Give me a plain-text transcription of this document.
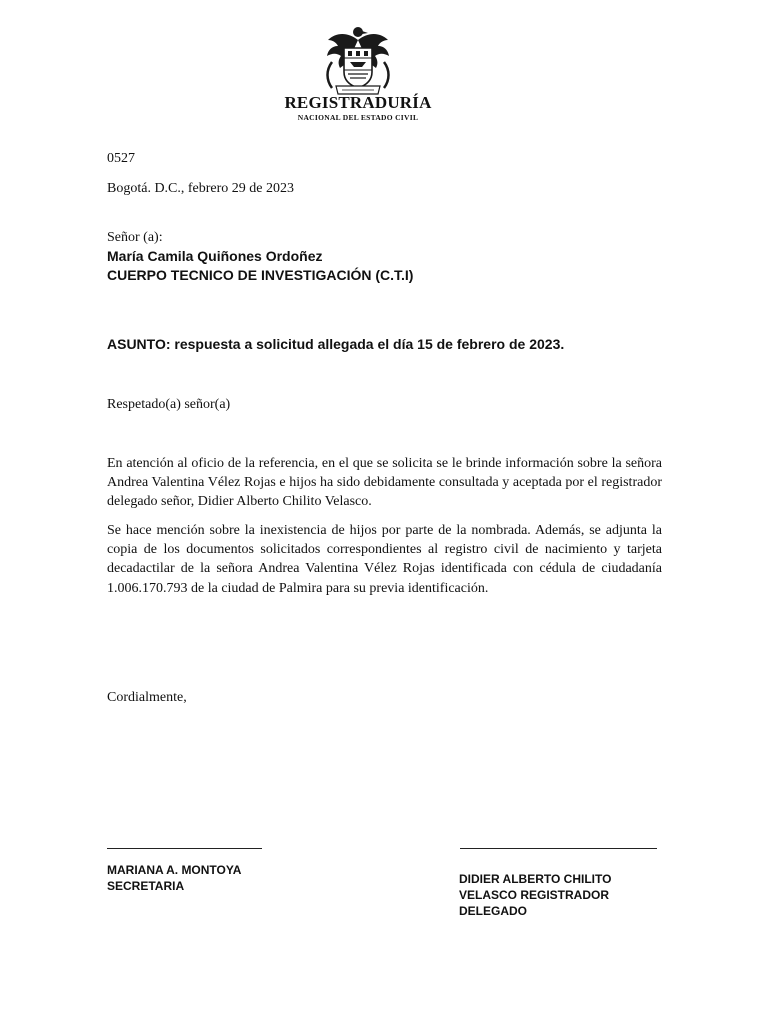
REGISTRADURÍA
NACIONAL DEL ESTADO CIVIL
0527
Bogotá. D.C., febrero 29 de 2023
Señor (a):
María Camila Quiñones Ordoñez
CUERPO TECNICO DE INVESTIGACIÓN (C.T.I)
ASUNTO: respuesta a solicitud allegada el día 15 de febrero de 2023.
Respetado(a) señor(a)

En atención al oficio de la referencia, en el que se solicita se le brinde información sobre la señora Andrea Valentina Vélez Rojas e hijos ha sido debidamente consultada y aceptada por el registrador delegado señor, Didier Alberto Chilito Velasco.

Se hace mención sobre la inexistencia de hijos por parte de la nombrada. Además, se adjunta la copia de los documentos solicitados correspondientes al registro civil de nacimiento y tarjeta decadactilar de la señora Andrea Valentina Vélez Rojas identificada con cédula de ciudadanía 1.006.170.793 de la ciudad de Palmira para su previa identificación.

Cordialmente,
MARIANA A. MONTOYA
SECRETARIA	DIDIER ALBERTO CHILITO
VELASCO REGISTRADOR
DELEGADO
